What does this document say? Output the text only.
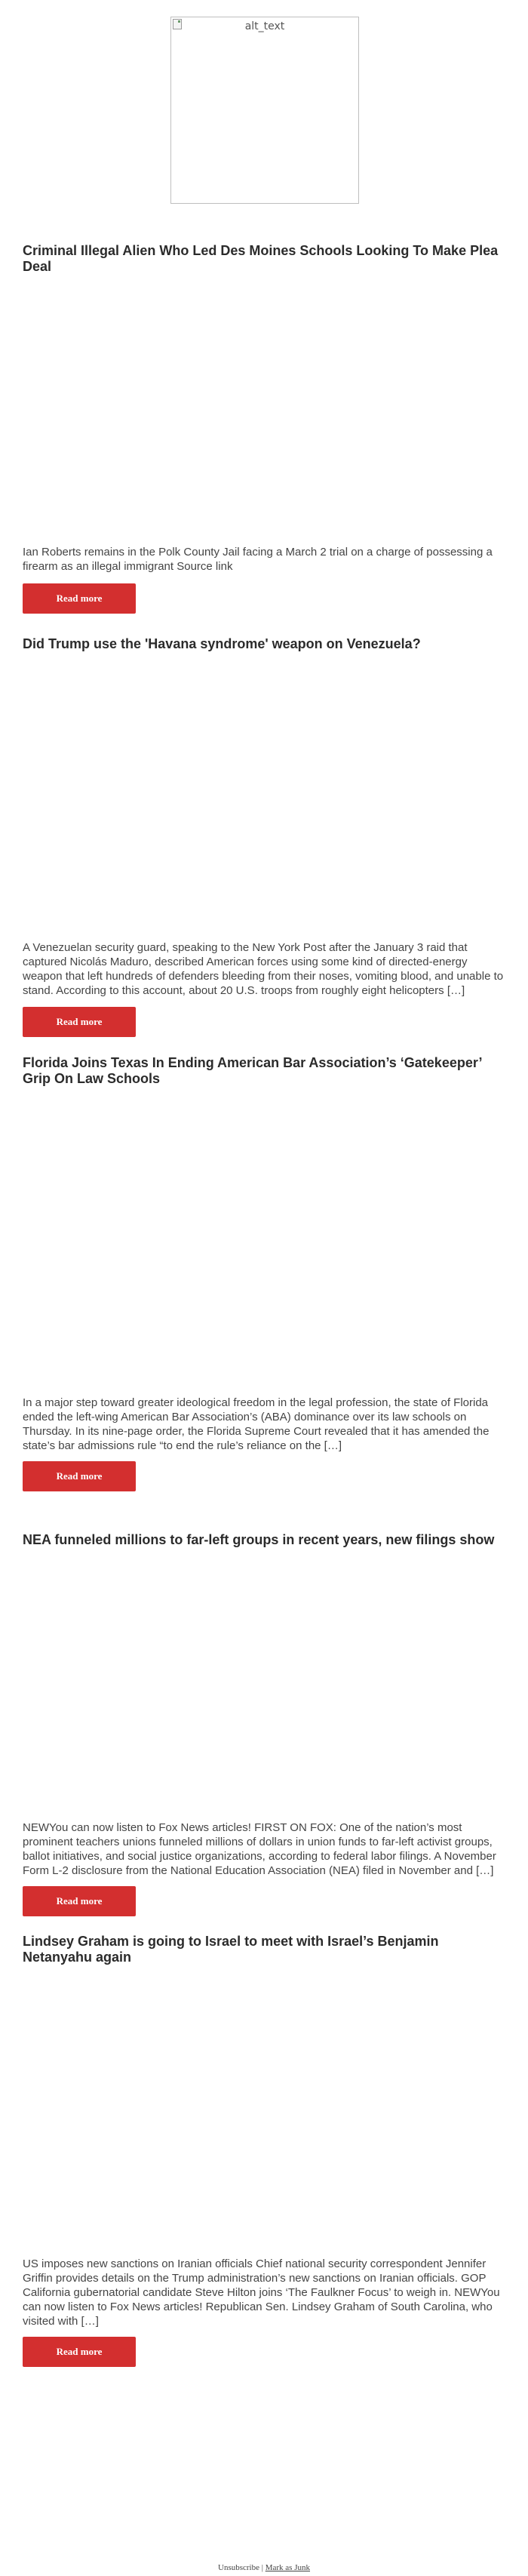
alt_text
Criminal Illegal Alien Who Led Des Moines Schools Looking To Make Plea Deal

Ian Roberts remains in the Polk County Jail facing a March 2 trial on a charge of possessing a firearm as an illegal immigrant Source link

Read more
Did Trump use the 'Havana syndrome' weapon on Venezuela?

A Venezuelan security guard, speaking to the New York Post after the January 3 raid that captured Nicolás Maduro, described American forces using some kind of directed-energy weapon that left hundreds of defenders bleeding from their noses, vomiting blood, and unable to stand. According to this account, about 20 U.S. troops from roughly eight helicopters […]

Read more
Florida Joins Texas In Ending American Bar Association’s ‘Gatekeeper’ Grip On Law Schools

In a major step toward greater ideological freedom in the legal profession, the state of Florida ended the left-wing American Bar Association’s (ABA) dominance over its law schools on Thursday. In its nine-page order, the Florida Supreme Court revealed that it has amended the state’s bar admissions rule “to end the rule’s reliance on the […]

Read more
NEA funneled millions to far-left groups in recent years, new filings show

NEWYou can now listen to Fox News articles! FIRST ON FOX: One of the nation’s most prominent teachers unions funneled millions of dollars in union funds to far-left activist groups, ballot initiatives, and social justice organizations, according to federal labor filings. A November Form L-2 disclosure from the National Education Association (NEA) filed in November and […]

Read more
Lindsey Graham is going to Israel to meet with Israel’s Benjamin Netanyahu again

US imposes new sanctions on Iranian officials Chief national security correspondent Jennifer Griffin provides details on the Trump administration’s new sanctions on Iranian officials. GOP California gubernatorial candidate Steve Hilton joins ‘The Faulkner Focus’ to weigh in. NEWYou can now listen to Fox News articles! Republican Sen. Lindsey Graham of South Carolina, who visited with […]

Read more
Unsubscribe | Mark as Junk
